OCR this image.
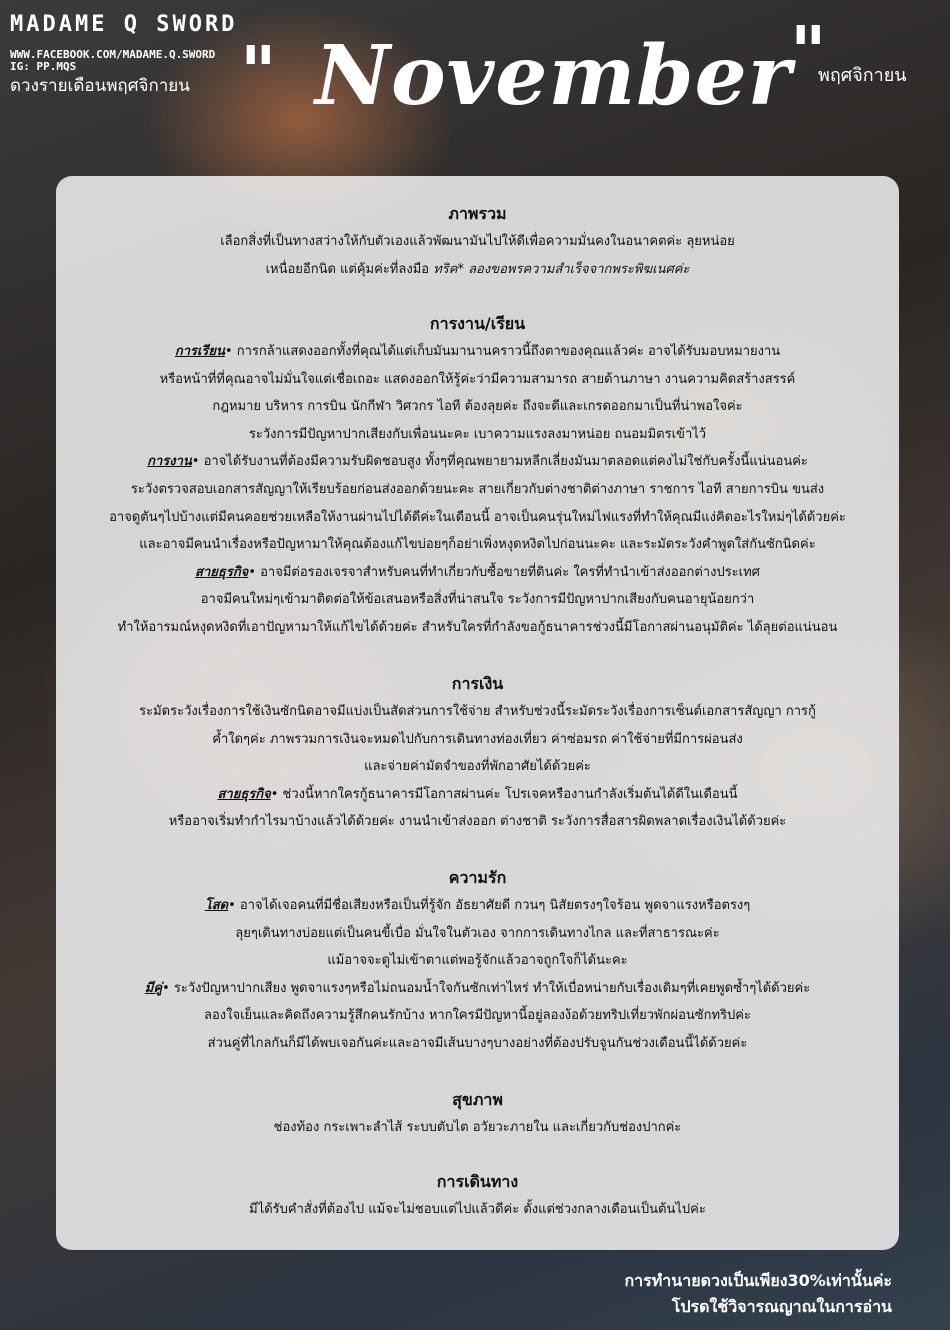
MADAME Q SWORD
WWW.FACEBOOK.COM/MADAME.Q.SWORD
IG: PP.MQS
ดวงรายเดือนพฤศจิกายน " November
"
พฤศจิกายน
ภาพรวม
เลือกสิ่งที่เป็นทางสว่างให้กับตัวเองแล้วพัฒนามันไปให้ดีเพื่อความมั่นคงในอนาคตค่ะ ลุยหน่อย
เหนื่อยอีกนิด แต่คุ้มค่ะที่ลงมือ ทริค* ลองขอพรความสำเร็จจากพระพิฆเนศค่ะ
การงาน/เรียน
การเรียน• การกล้าแสดงออกทั้งที่คุณได้แต่เก็บมันมานานคราวนี้ถึงตาของคุณแล้วค่ะ อาจได้รับมอบหมายงาน
หรือหน้าที่ที่คุณอาจไม่มั่นใจแต่เชื่อเถอะ แสดงออกให้รู้ค่ะว่ามีความสามารถ สายด้านภาษา งานความคิดสร้างสรรค์
กฎหมาย บริหาร การบิน นักกีฬา วิศวกร ไอที ต้องลุยค่ะ ถึงจะดีและเกรดออกมาเป็นที่น่าพอใจค่ะ
ระวังการมีปัญหาปากเสียงกับเพื่อนนะคะ เบาความแรงลงมาหน่อย ถนอมมิตรเข้าไว้
การงาน• อาจได้รับงานที่ต้องมีความรับผิดชอบสูง ทั้งๆที่คุณพยายามหลีกเลี่ยงมันมาตลอดแต่คงไม่ใช่กับครั้งนี้แน่นอนค่ะ
ระวังตรวจสอบเอกสารสัญญาให้เรียบร้อยก่อนส่งออกด้วยนะคะ สายเกี่ยวกับต่างชาติต่างภาษา ราชการ ไอที สายการบิน ขนส่ง
อาจดูตันๆไปบ้างแต่มีคนคอยช่วยเหลือให้งานผ่านไปได้ดีค่ะในเดือนนี้ อาจเป็นคนรุ่นใหม่ไฟแรงที่ทำให้คุณมีแง่คิดอะไรใหม่ๆได้ด้วยค่ะ
และอาจมีคนนำเรื่องหรือปัญหามาให้คุณต้องแก้ไขบ่อยๆก็อย่าเพิ่งหงุดหงิดไปก่อนนะคะ และระมัดระวังคำพูดใส่กันซักนิดค่ะ
สายธุรกิจ• อาจมีต่อรองเจรจาสำหรับคนที่ทำเกี่ยวกับซื้อขายที่ดินค่ะ ใครที่ทำนำเข้าส่งออกต่างประเทศ
อาจมีคนใหม่ๆเข้ามาติดต่อให้ข้อเสนอหรือสิ่งที่น่าสนใจ ระวังการมีปัญหาปากเสียงกับคนอายุน้อยกว่า
ทำให้อารมณ์หงุดหงิดที่เอาปัญหามาให้แก้ไขได้ด้วยค่ะ สำหรับใครที่กำลังขอกู้ธนาคารช่วงนี้มีโอกาสผ่านอนุมัติค่ะ ได้ลุยต่อแน่นอน
การเงิน
ระมัดระวังเรื่องการใช้เงินซักนิดอาจมีแบ่งเป็นสัดส่วนการใช้จ่าย สำหรับช่วงนี้ระมัดระวังเรื่องการเซ็นต์เอกสารสัญญา การกู้
ค้ำใดๆค่ะ ภาพรวมการเงินจะหมดไปกับการเดินทางท่องเที่ยว ค่าซ่อมรถ ค่าใช้จ่ายที่มีการผ่อนส่ง
และจ่ายค่ามัดจำของที่พักอาศัยได้ด้วยค่ะ
สายธุรกิจ• ช่วงนี้หากใครกู้ธนาคารมีโอกาสผ่านค่ะ โปรเจคหรืองานกำลังเริ่มต้นได้ดีในเดือนนี้
หรืออาจเริ่มทำกำไรมาบ้างแล้วได้ด้วยค่ะ งานนำเข้าส่งออก ต่างชาติ ระวังการสื่อสารผิดพลาดเรื่องเงินได้ด้วยค่ะ
ความรัก
โสด• อาจได้เจอคนที่มีชื่อเสียงหรือเป็นที่รู้จัก อัธยาศัยดี กวนๆ นิสัยตรงๆใจร้อน พูดจาแรงหรือตรงๆ
ลุยๆเดินทางบ่อยแต่เป็นคนขี้เบื่อ มั่นใจในตัวเอง จากการเดินทางไกล และที่สาธารณะค่ะ
แม้อาจจะดูไม่เข้าตาแต่พอรู้จักแล้วอาจถูกใจก็ได้นะคะ
มีคู่• ระวังปัญหาปากเสียง พูดจาแรงๆหรือไม่ถนอมน้ำใจกันซักเท่าไหร่ ทำให้เบื่อหน่ายกับเรื่องเดิมๆที่เคยพูดซ้ำๆได้ด้วยค่ะ
ลองใจเย็นและคิดถึงความรู้สึกคนรักบ้าง หากใครมีปัญหานี้อยู่ลองง้อด้วยทริปเที่ยวพักผ่อนซักทริปค่ะ
ส่วนคู่ที่ไกลกันก็มีได้พบเจอกันค่ะและอาจมีเส้นบางๆบางอย่างที่ต้องปรับจูนกันช่วงเดือนนี้ได้ด้วยค่ะ
สุขภาพ
ช่องท้อง กระเพาะลำไส้ ระบบตับไต อวัยวะภายใน และเกี่ยวกับช่องปากค่ะ
การเดินทาง
มีได้รับคำสั่งที่ต้องไป แม้จะไม่ชอบแต่ไปแล้วดีค่ะ ตั้งแต่ช่วงกลางเดือนเป็นต้นไปค่ะ
การทำนายดวงเป็นเพียง30%เท่านั้นค่ะ
โปรดใช้วิจารณญาณในการอ่าน
